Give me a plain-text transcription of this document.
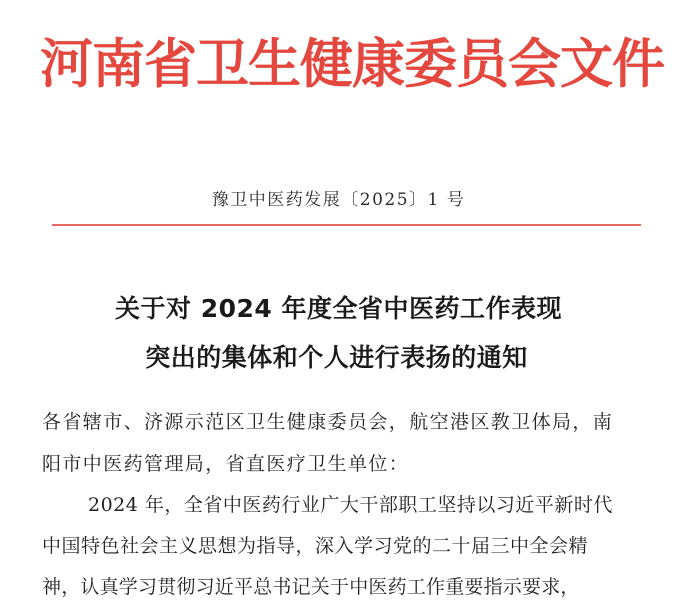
河南省卫生健康委员会文件
豫卫中医药发展〔2025〕1 号
关于对 2024 年度全省中医药工作表现
突出的集体和个人进行表扬的通知
各省辖市、济源示范区卫生健康委员会，航空港区教卫体局，南
阳市中医药管理局，省直医疗卫生单位：
2024 年，全省中医药行业广大干部职工坚持以习近平新时代
中国特色社会主义思想为指导，深入学习党的二十届三中全会精
神，认真学习贯彻习近平总书记关于中医药工作重要指示要求，
